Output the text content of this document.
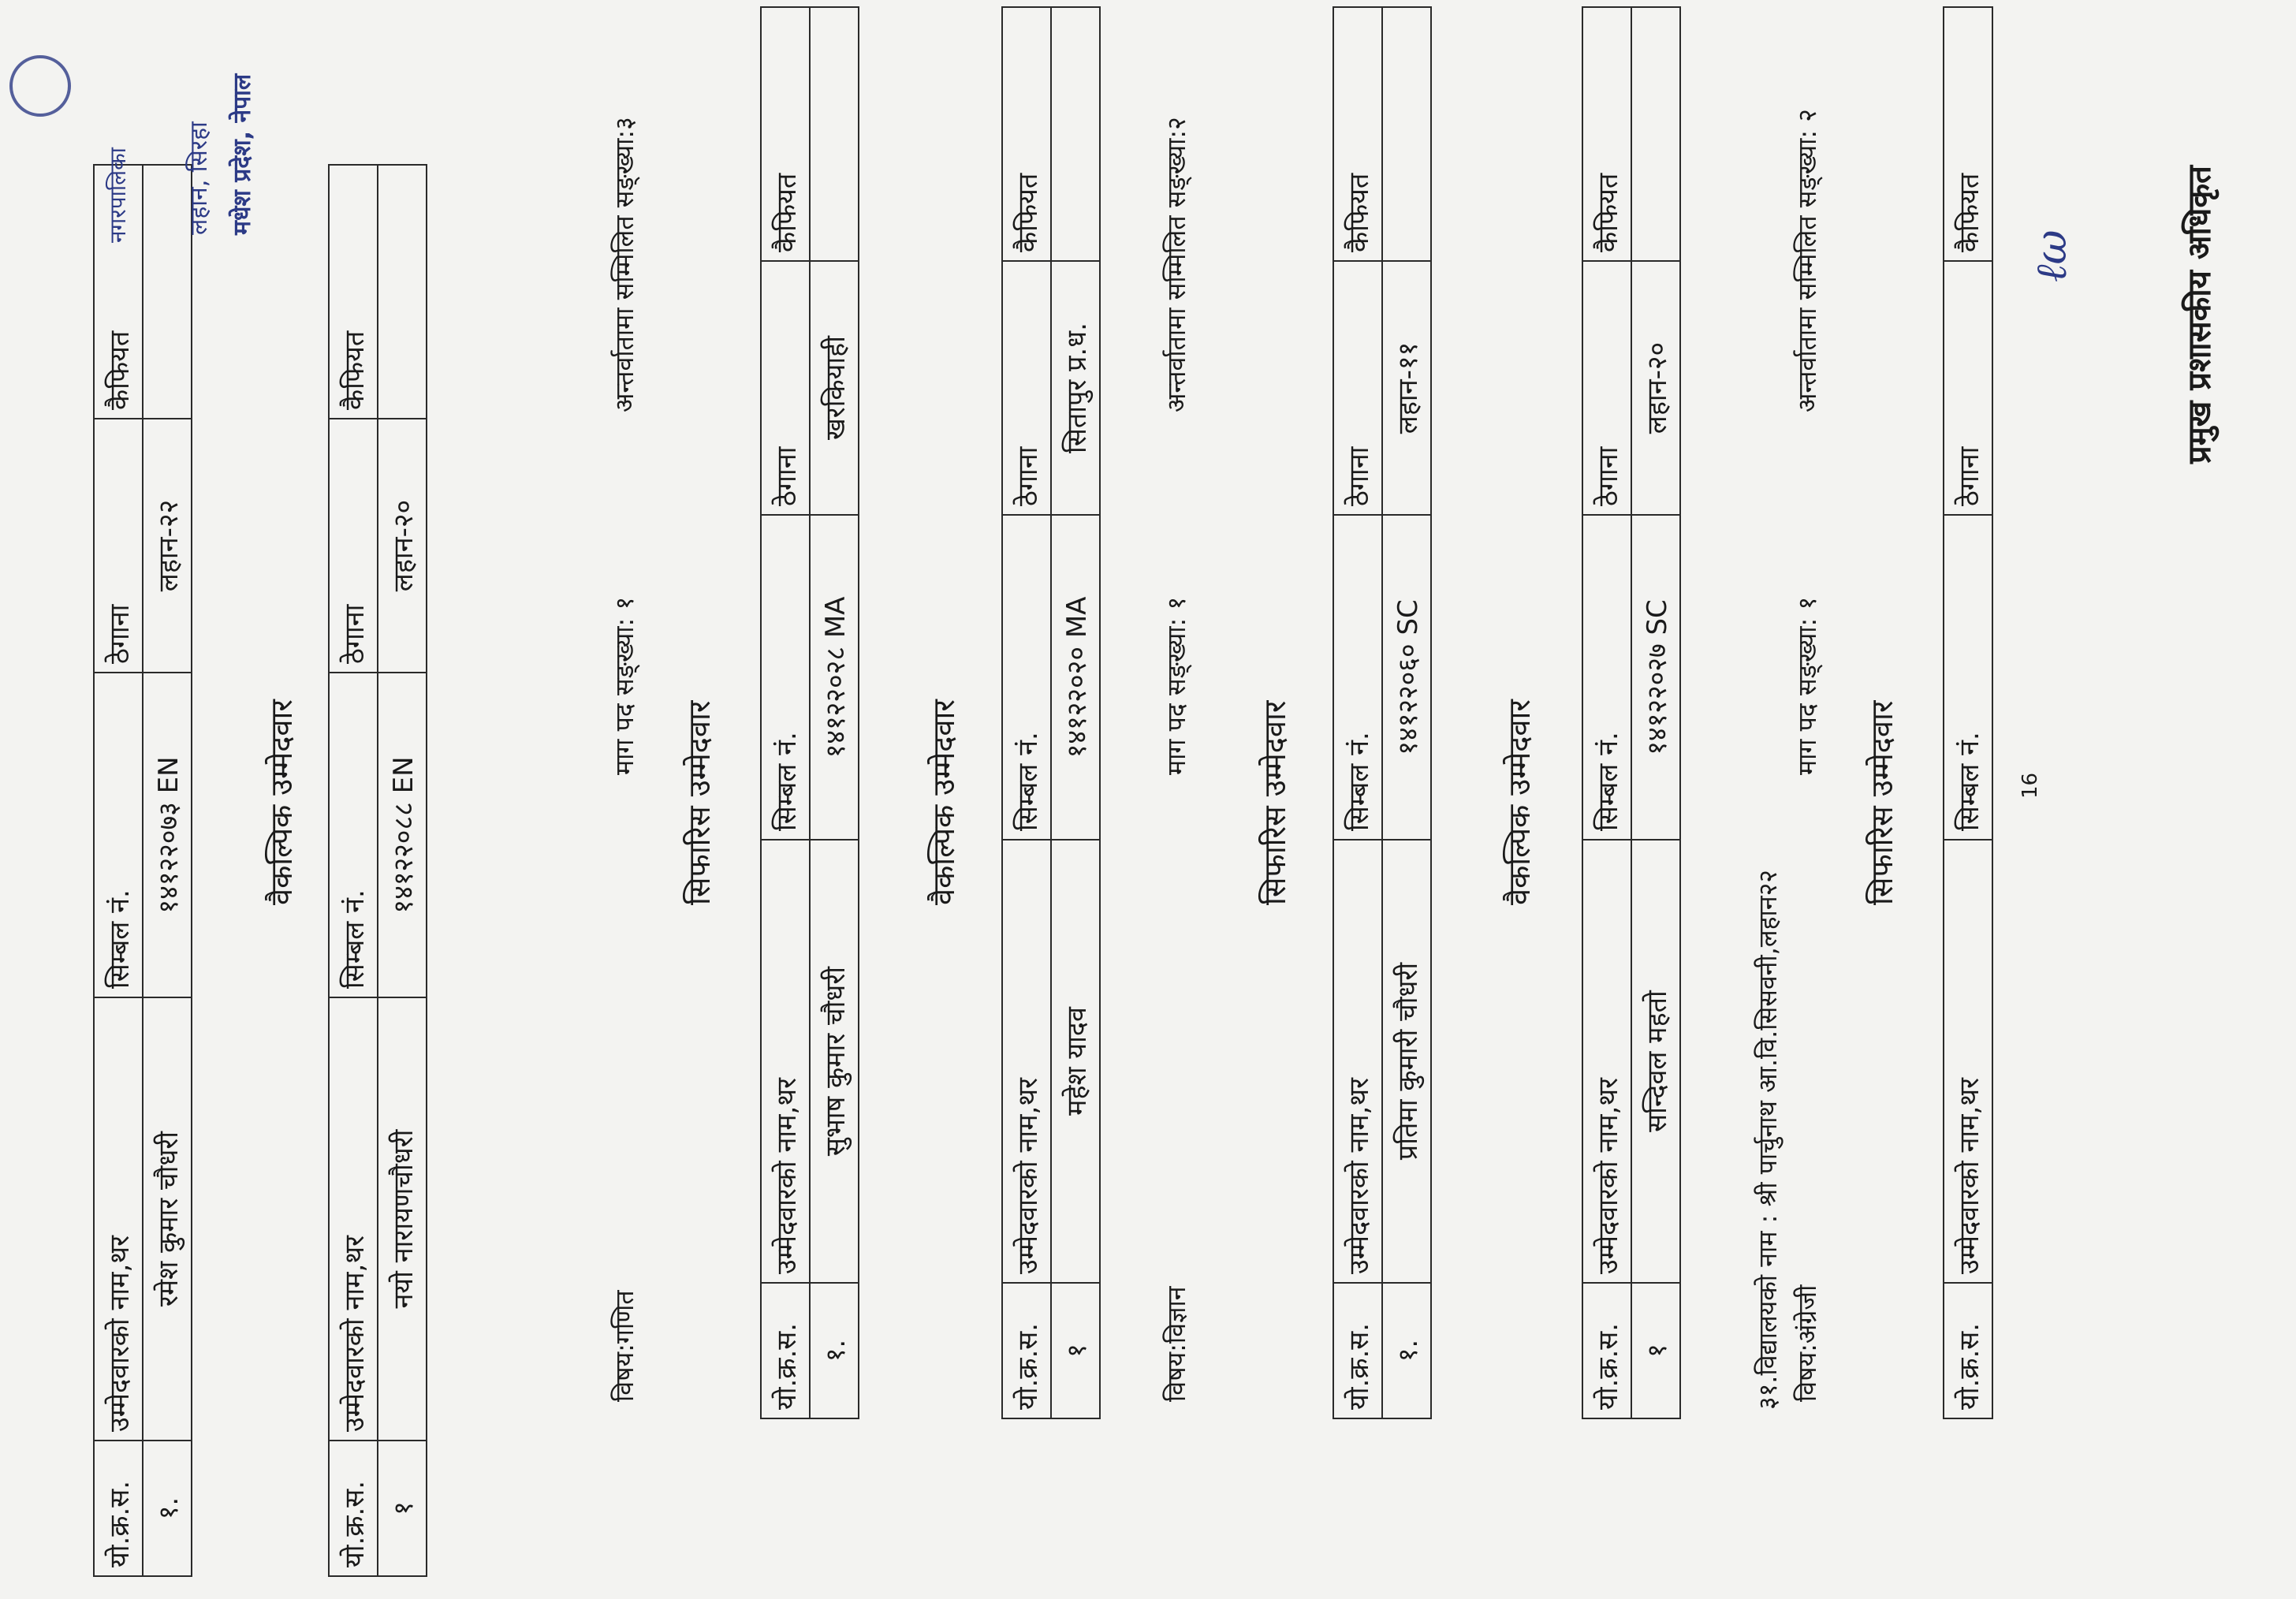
यो.क्र.स.	उम्मेदवारको नाम,थर	सिम्बल नं.	ठेगाना	कैफियत
१.	रमेश कुमार चौधरी	१४१२२०७३ EN	लहान-२२	
वैकल्पिक उम्मेदवार
यो.क्र.स.	उम्मेदवारको नाम,थर	सिम्बल नं.	ठेगाना	कैफियत
१	नयो नारायणचौधरी	१४१२२०८८ EN	लहान-२०	
विषय:गणित
माग पद सङ्ख्या: १
अन्तर्वातामा सम्मिलित सङ्ख्या:३
सिफारिस उम्मेदवार
यो.क्र.स.	उम्मेदवारको नाम,थर	सिम्बल नं.	ठेगाना	कैफियत
१.	सुभाष कुमार चौधरी	१४१२२०२८ MA	खरकियाही	
वैकल्पिक उम्मेदवार
यो.क्र.स.	उम्मेदवारको नाम,थर	सिम्बल नं.	ठेगाना	कैफियत
१	महेश यादव	१४१२२०२० MA	सितापुर प्र.ध.	
विषय:विज्ञान
माग पद सङ्ख्या: १
अन्तर्वातामा सम्मिलित सङ्ख्या:२
सिफारिस उम्मेदवार
यो.क्र.स.	उम्मेदवारको नाम,थर	सिम्बल नं.	ठेगाना	कैफियत
१.	प्रतिमा कुमारी चौधरी	१४१२२०६० SC	लहान-११	
वैकल्पिक उम्मेदवार
यो.क्र.स.	उम्मेदवारको नाम,थर	सिम्बल नं.	ठेगाना	कैफियत
१	सन्दिवल महतो	१४१२२०२७ SC	लहान-२०	
३१.विद्यालयको नाम : श्री पार्चुनाथ आ.वि.सिसवनी,लहान२२ विषय:अंग्रेजी
माग पद सङ्ख्या: १
अन्तर्वातामा सम्मिलित सङ्ख्या: २
सिफारिस उम्मेदवार
यो.क्र.स.	उम्मेदवारको नाम,थर	सिम्बल नं.	ठेगाना	कैफियत
16
ℓω	प्रमुख प्रशासकीय अधिकृत
नगरपालिका लहान, सिरहा मधेश प्रदेश, नेपाल
